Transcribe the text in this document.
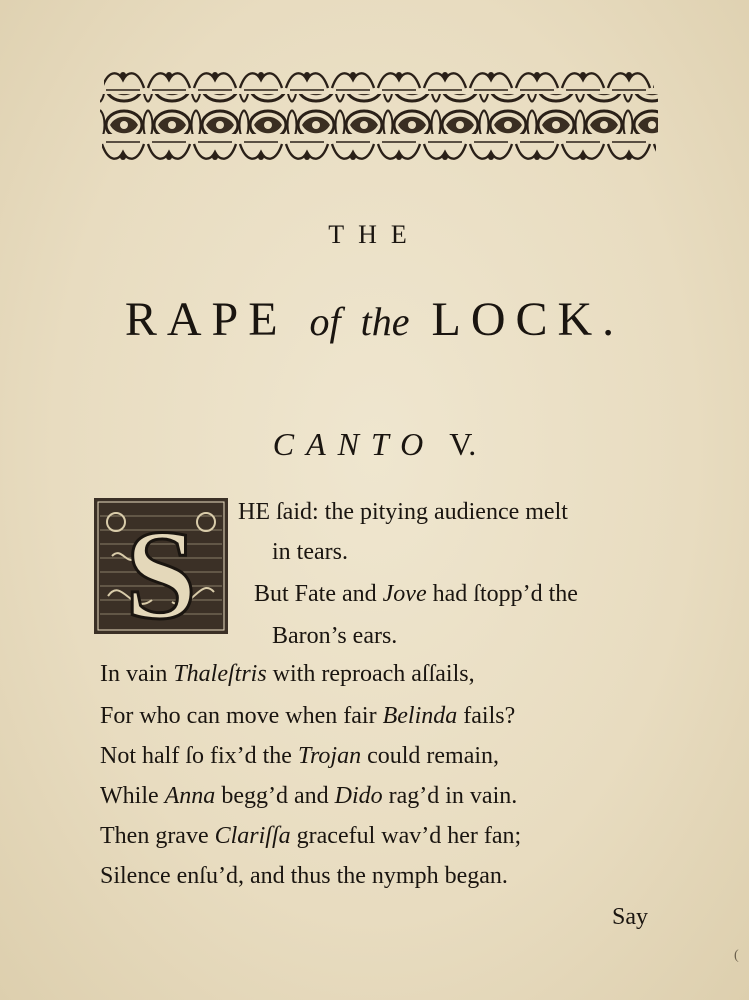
THE
RAPE of the LOCK.
CANTO V.
S HE ſaid: the pitying audience melt
in tears.
But Fate and Jove had ſtopp’d the
Baron’s ears.
In vain Thaleſtris with reproach aſſails,
For who can move when fair Belinda fails?
Not half ſo fix’d the Trojan could remain,
While Anna begg’d and Dido rag’d in vain.
Then grave Clariſſa graceful wav’d her fan;
Silence enſu’d, and thus the nymph began.
Say
(
